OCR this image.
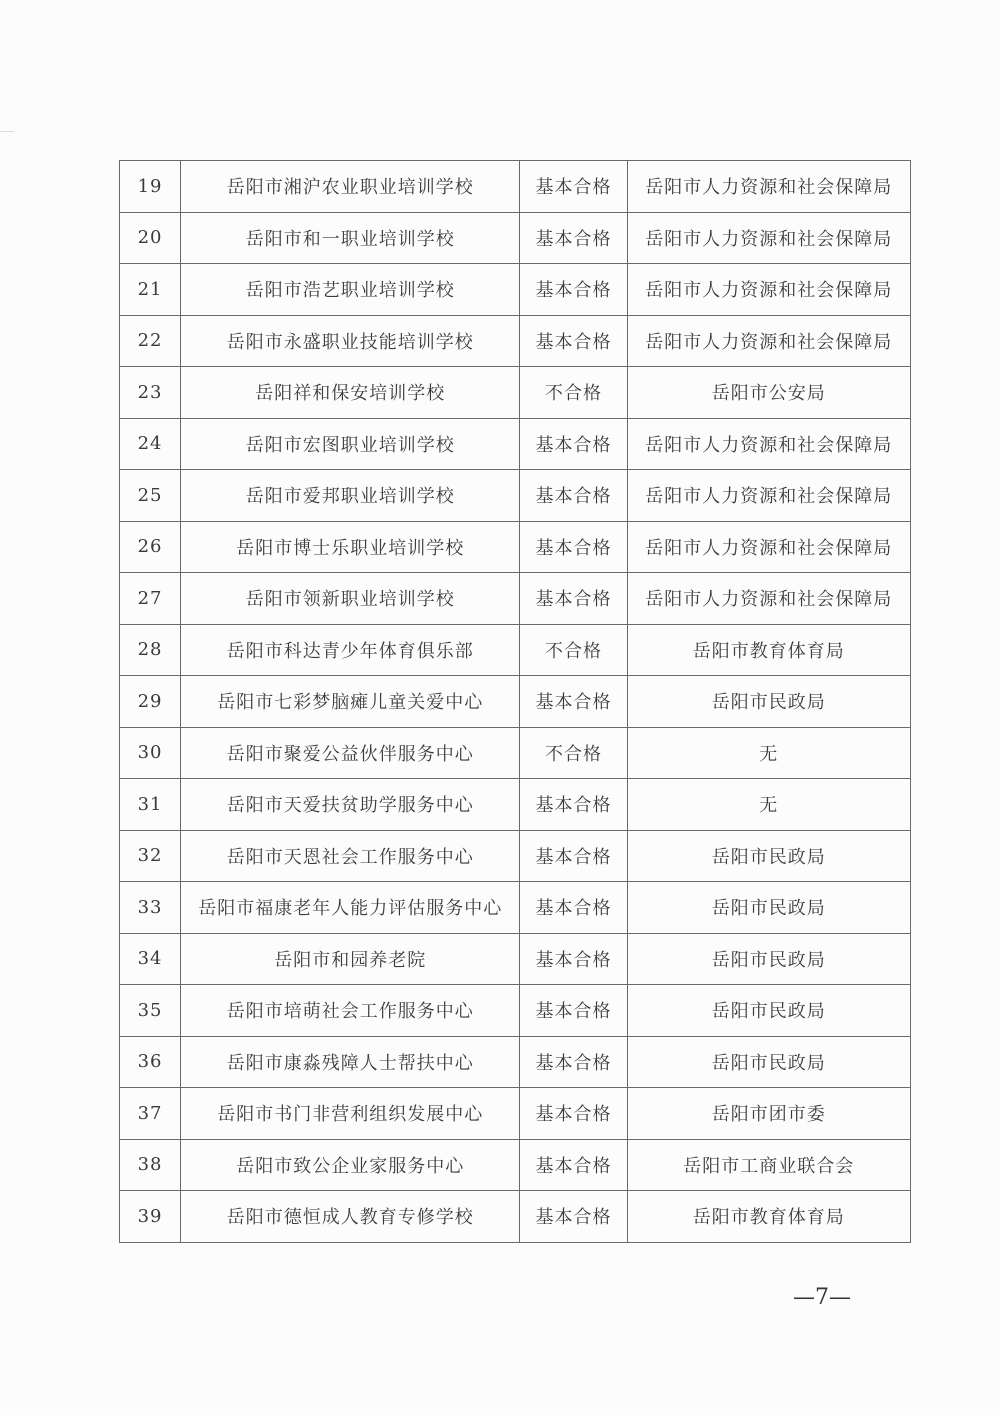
19	岳阳市湘沪农业职业培训学校	基本合格	岳阳市人力资源和社会保障局
20	岳阳市和一职业培训学校	基本合格	岳阳市人力资源和社会保障局
21	岳阳市浩艺职业培训学校	基本合格	岳阳市人力资源和社会保障局
22	岳阳市永盛职业技能培训学校	基本合格	岳阳市人力资源和社会保障局
23	岳阳祥和保安培训学校	不合格	岳阳市公安局
24	岳阳市宏图职业培训学校	基本合格	岳阳市人力资源和社会保障局
25	岳阳市爱邦职业培训学校	基本合格	岳阳市人力资源和社会保障局
26	岳阳市博士乐职业培训学校	基本合格	岳阳市人力资源和社会保障局
27	岳阳市领新职业培训学校	基本合格	岳阳市人力资源和社会保障局
28	岳阳市科达青少年体育俱乐部	不合格	岳阳市教育体育局
29	岳阳市七彩梦脑瘫儿童关爱中心	基本合格	岳阳市民政局
30	岳阳市聚爱公益伙伴服务中心	不合格	无
31	岳阳市天爱扶贫助学服务中心	基本合格	无
32	岳阳市天恩社会工作服务中心	基本合格	岳阳市民政局
33	岳阳市福康老年人能力评估服务中心	基本合格	岳阳市民政局
34	岳阳市和园养老院	基本合格	岳阳市民政局
35	岳阳市培萌社会工作服务中心	基本合格	岳阳市民政局
36	岳阳市康淼残障人士帮扶中心	基本合格	岳阳市民政局
37	岳阳市书门非营利组织发展中心	基本合格	岳阳市团市委
38	岳阳市致公企业家服务中心	基本合格	岳阳市工商业联合会
39	岳阳市德恒成人教育专修学校	基本合格	岳阳市教育体育局
—7—
